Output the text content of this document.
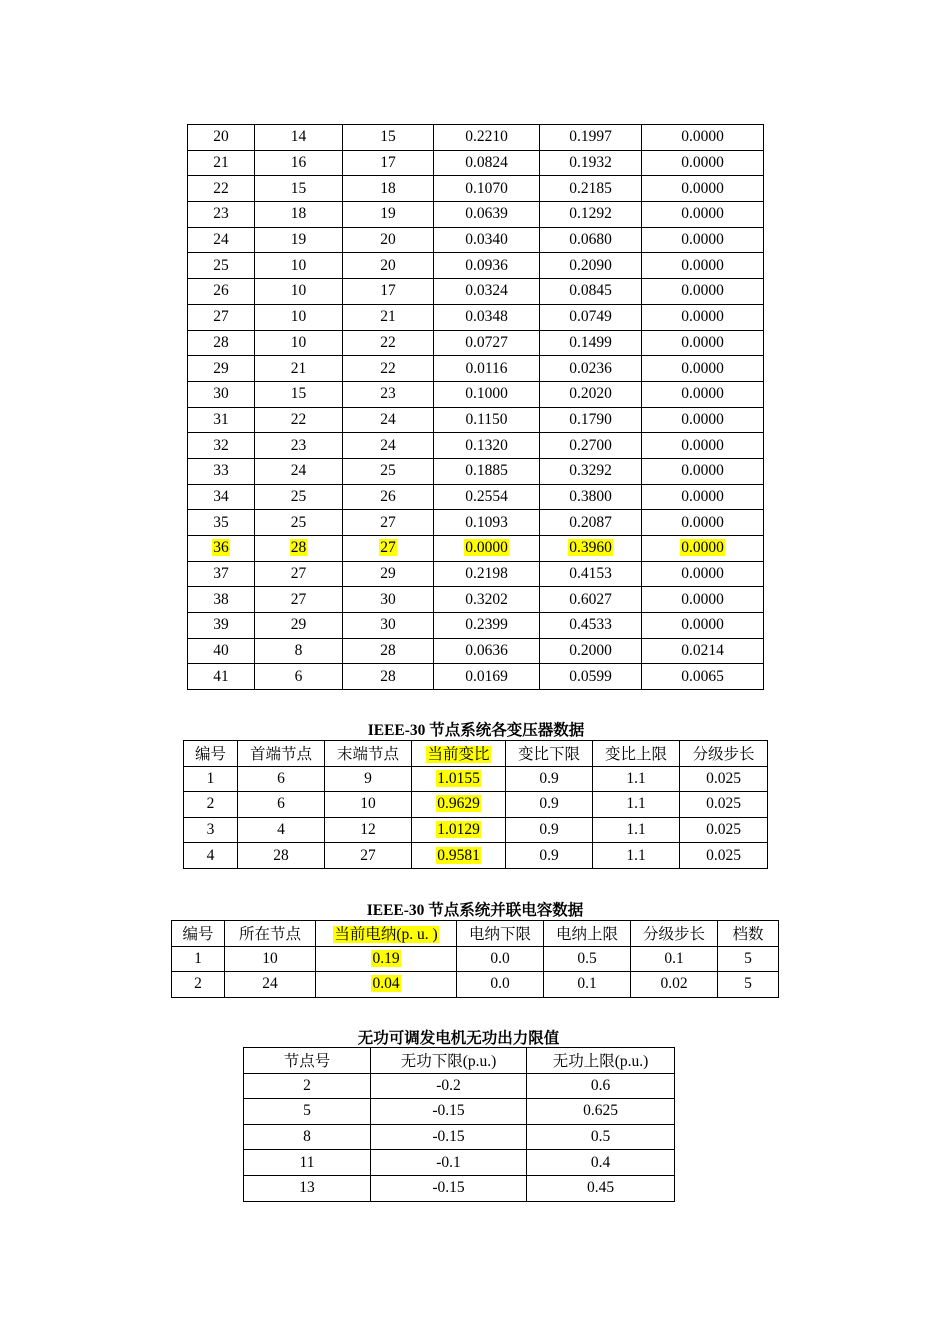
20	14	15	0.2210	0.1997	0.0000
21	16	17	0.0824	0.1932	0.0000
22	15	18	0.1070	0.2185	0.0000
23	18	19	0.0639	0.1292	0.0000
24	19	20	0.0340	0.0680	0.0000
25	10	20	0.0936	0.2090	0.0000
26	10	17	0.0324	0.0845	0.0000
27	10	21	0.0348	0.0749	0.0000
28	10	22	0.0727	0.1499	0.0000
29	21	22	0.0116	0.0236	0.0000
30	15	23	0.1000	0.2020	0.0000
31	22	24	0.1150	0.1790	0.0000
32	23	24	0.1320	0.2700	0.0000
33	24	25	0.1885	0.3292	0.0000
34	25	26	0.2554	0.3800	0.0000
35	25	27	0.1093	0.2087	0.0000
36	28	27	0.0000	0.3960	0.0000
37	27	29	0.2198	0.4153	0.0000
38	27	30	0.3202	0.6027	0.0000
39	29	30	0.2399	0.4533	0.0000
40	8	28	0.0636	0.2000	0.0214
41	6	28	0.0169	0.0599	0.0065
IEEE-30 节点系统各变压器数据
编号	首端节点	末端节点	当前变比	变比下限	变比上限	分级步长
1	6	9	1.0155	0.9	1.1	0.025
2	6	10	0.9629	0.9	1.1	0.025
3	4	12	1.0129	0.9	1.1	0.025
4	28	27	0.9581	0.9	1.1	0.025
IEEE-30 节点系统并联电容数据
编号	所在节点	当前电纳(p. u. )	电纳下限	电纳上限	分级步长	档数
1	10	0.19	0.0	0.5	0.1	5
2	24	0.04	0.0	0.1	0.02	5
无功可调发电机无功出力限值
节点号	无功下限(p.u.)	无功上限(p.u.)
2	-0.2	0.6
5	-0.15	0.625
8	-0.15	0.5
11	-0.1	0.4
13	-0.15	0.45
